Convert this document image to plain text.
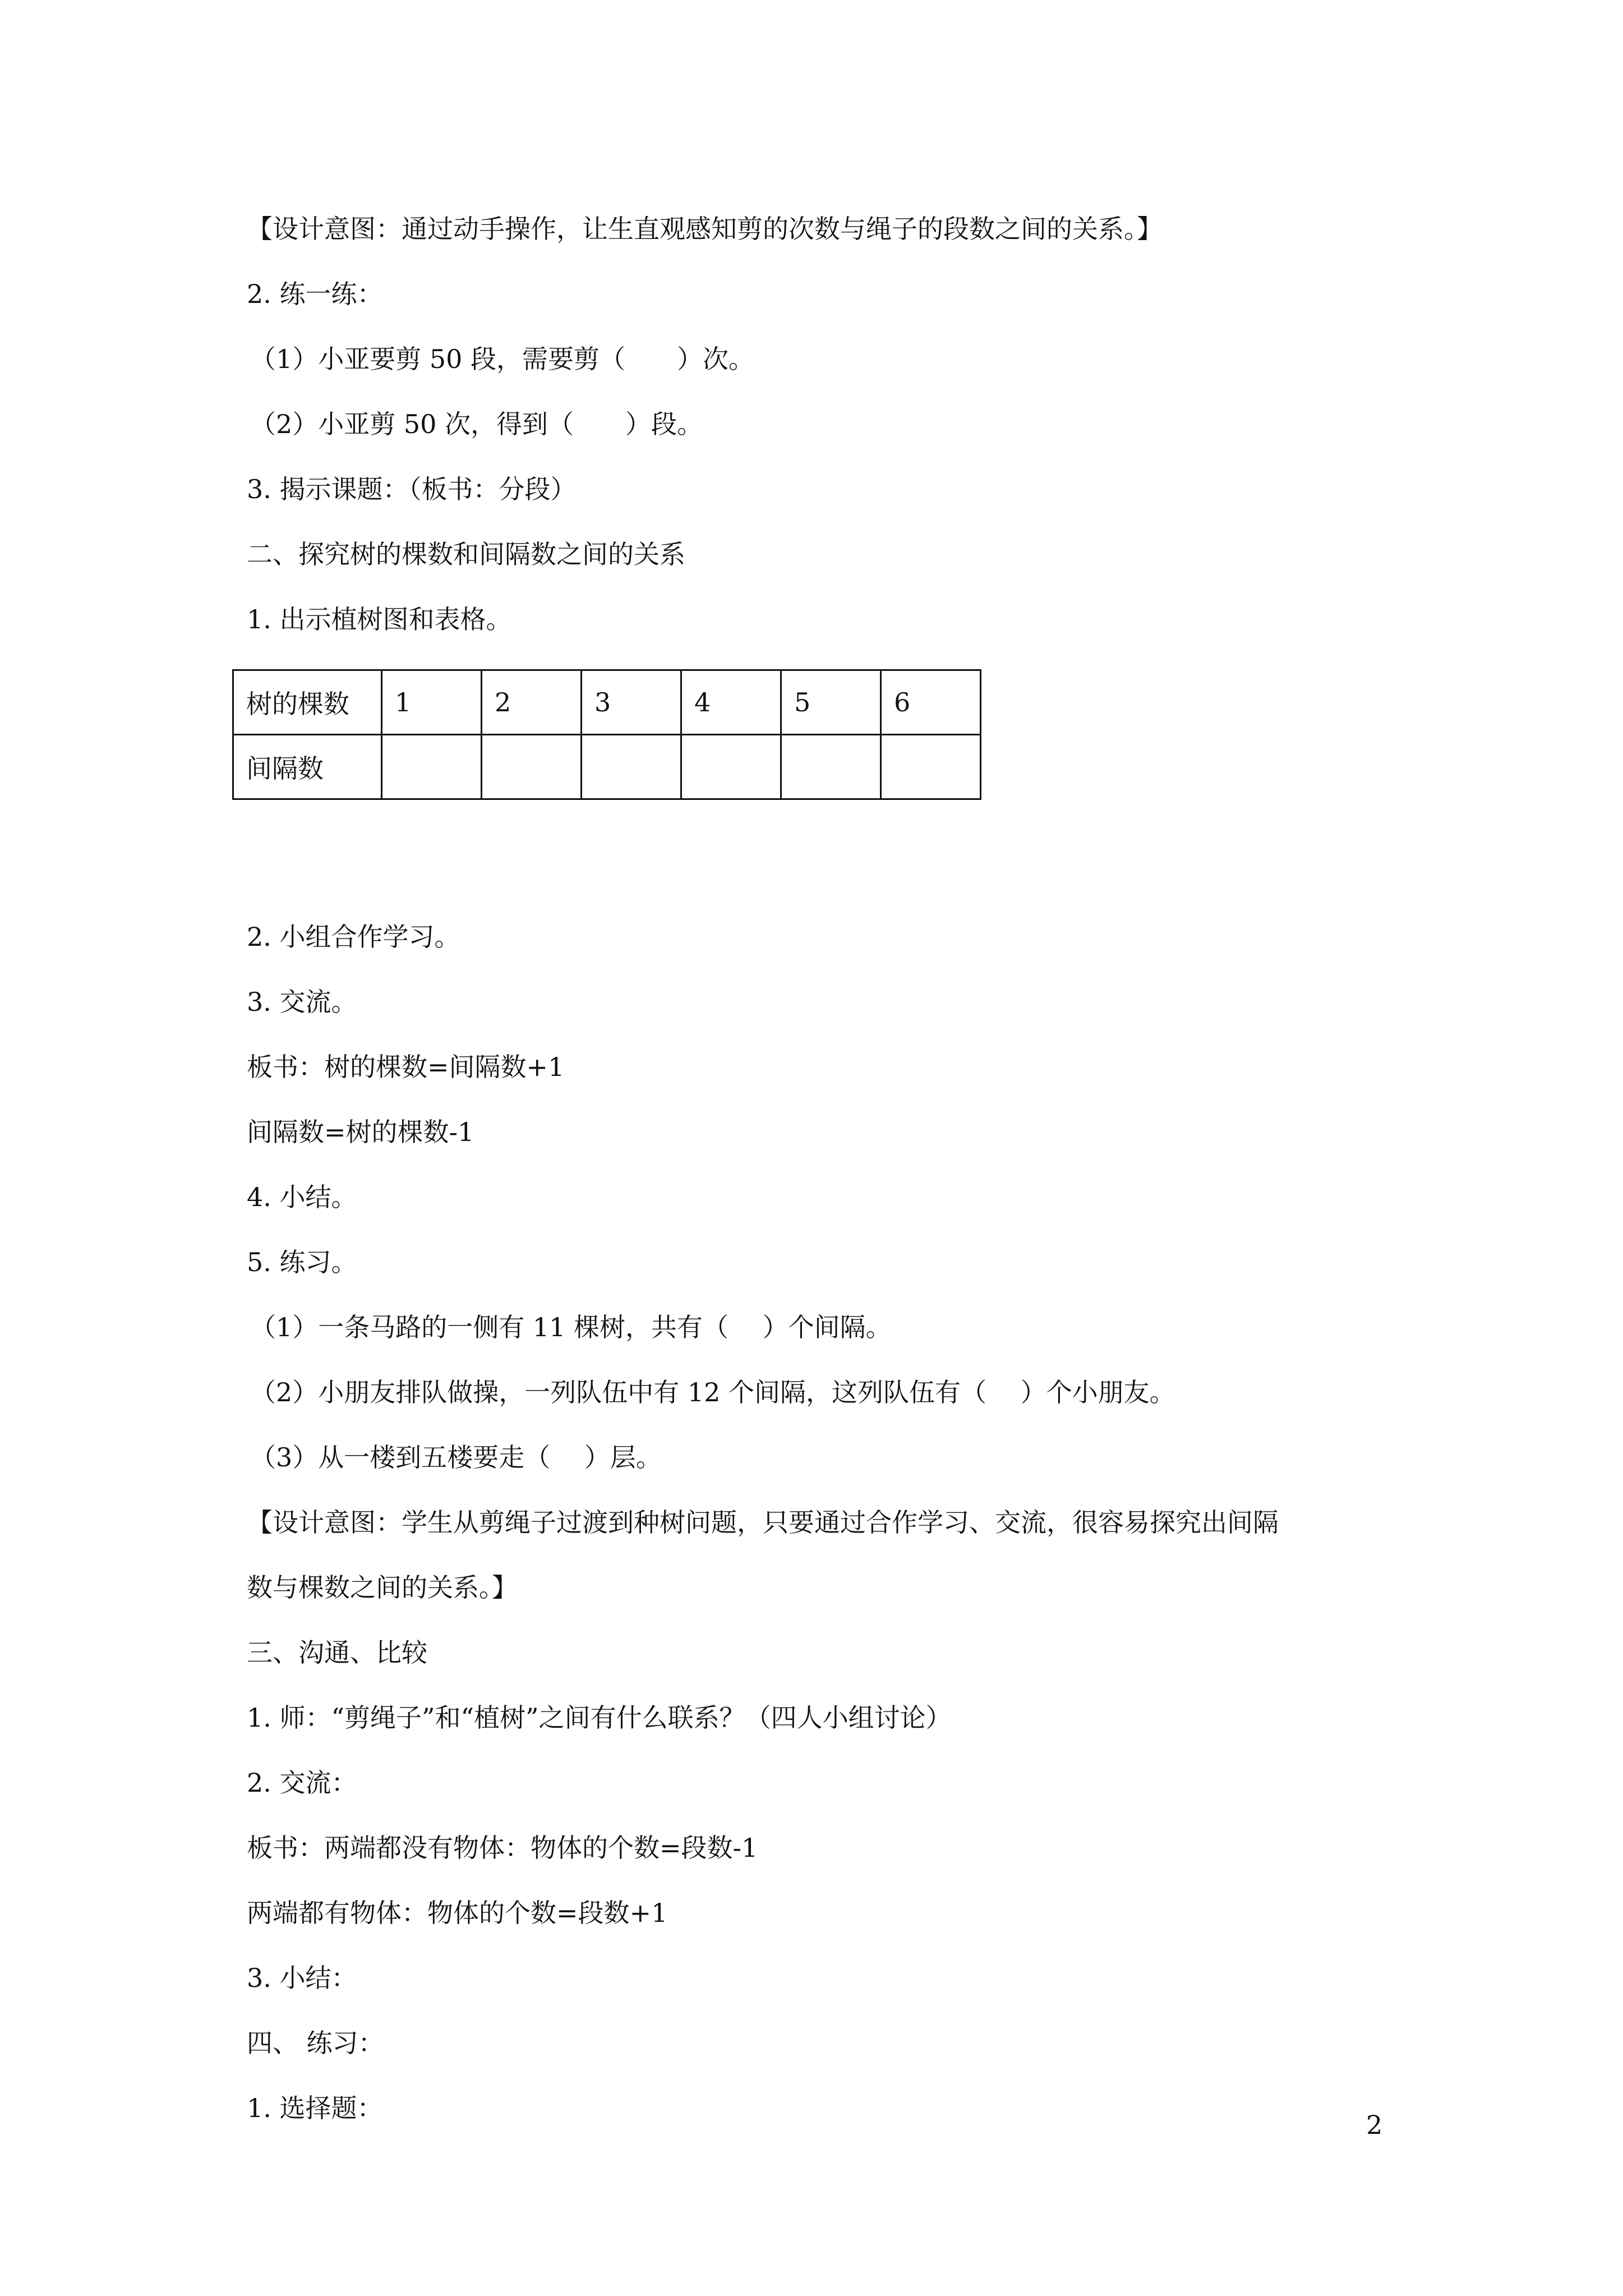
【设计意图：通过动手操作，让生直观感知剪的次数与绳子的段数之间的关系。】
2. 练一练：
（1）小亚要剪 50 段，需要剪（　　）次。
（2）小亚剪 50 次，得到（　　）段。
3. 揭示课题：（板书：分段）
二、探究树的棵数和间隔数之间的关系
1. 出示植树图和表格。
树的棵数	1	2	3	4	5	6
间隔数						
2. 小组合作学习。
3. 交流。
板书：树的棵数=间隔数+1
间隔数=树的棵数-1
4. 小结。
5. 练习。
（1）一条马路的一侧有 11 棵树，共有（　 ）个间隔。
（2）小朋友排队做操，一列队伍中有 12 个间隔，这列队伍有（　 ）个小朋友。
（3）从一楼到五楼要走（　 ）层。
【设计意图：学生从剪绳子过渡到种树问题，只要通过合作学习、交流，很容易探究出间隔
数与棵数之间的关系。】
三、沟通、比较
1. 师：“剪绳子”和“植树”之间有什么联系？（四人小组讨论）
2. 交流：
板书：两端都没有物体：物体的个数=段数-1
两端都有物体：物体的个数=段数+1
3. 小结：
四、 练习：
1. 选择题：
2
